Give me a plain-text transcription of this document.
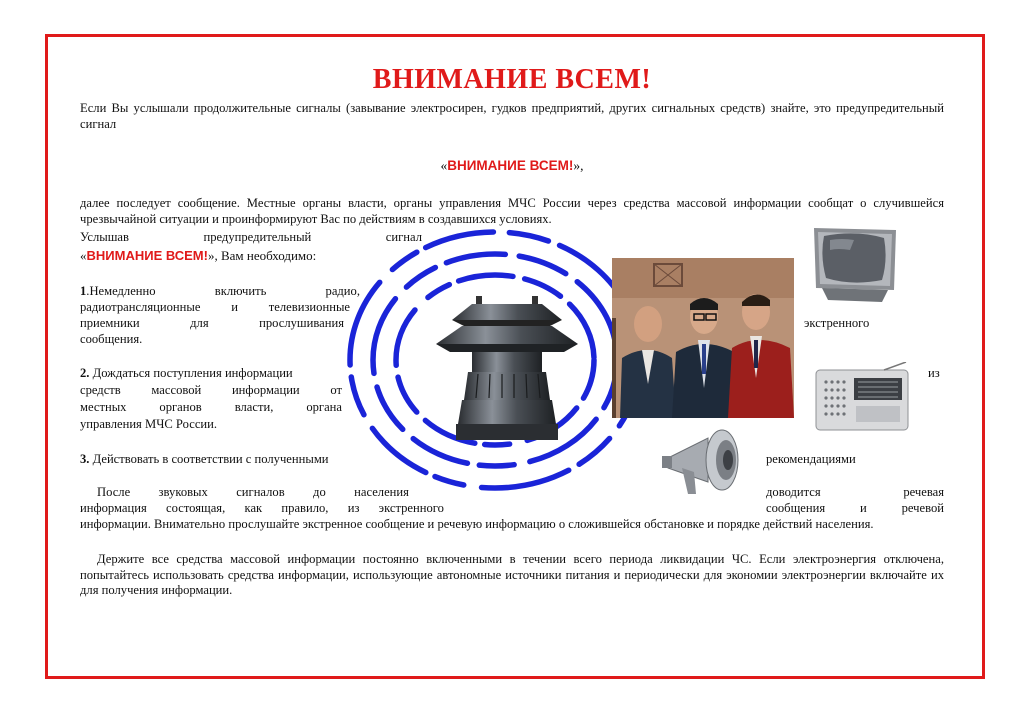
ВНИМАНИЕ ВСЕМ!
Если Вы услышали продолжительные сигналы (завывание электросирен, гудков предприятий, других сигнальных средств) знайте, это предупредительный сигнал
«ВНИМАНИЕ ВСЕМ!»,
далее последует сообщение. Местные органы власти, органы управления МЧС России через средства массовой информации сообщат о случившейся чрезвычайной ситуации и проинформируют Вас по действиям в создавшихся условиях.
Услышав	предупредительный	сигнал
«ВНИМАНИЕ ВСЕМ!», Вам необходимо:
1.Немедленно	включить	радио,
радиотрансляционные и телевизионные
приемники	для	прослушивания	экстренного
сообщения.
2. Дождаться поступления информации	из
средств массовой информации от
местных	органов	власти,	органа
управления МЧС России.
3. Действовать в соответствии с полученными	рекомендациями
После звуковых сигналов до населения	доводится	речевая
информация состоящая, как правило, из экстренного	сообщения	и	речевой
информации. Внимательно прослушайте экстренное сообщение и речевую информацию о сложившейся обстановке и порядке действий населения.
Держите все средства массовой информации постоянно включенными в течении всего периода ликвидации ЧС. Если электроэнергия отключена, попытайтесь использовать средства информации, использующие автономные источники питания и периодически для экономии электроэнергии включайте их для получения информации.
